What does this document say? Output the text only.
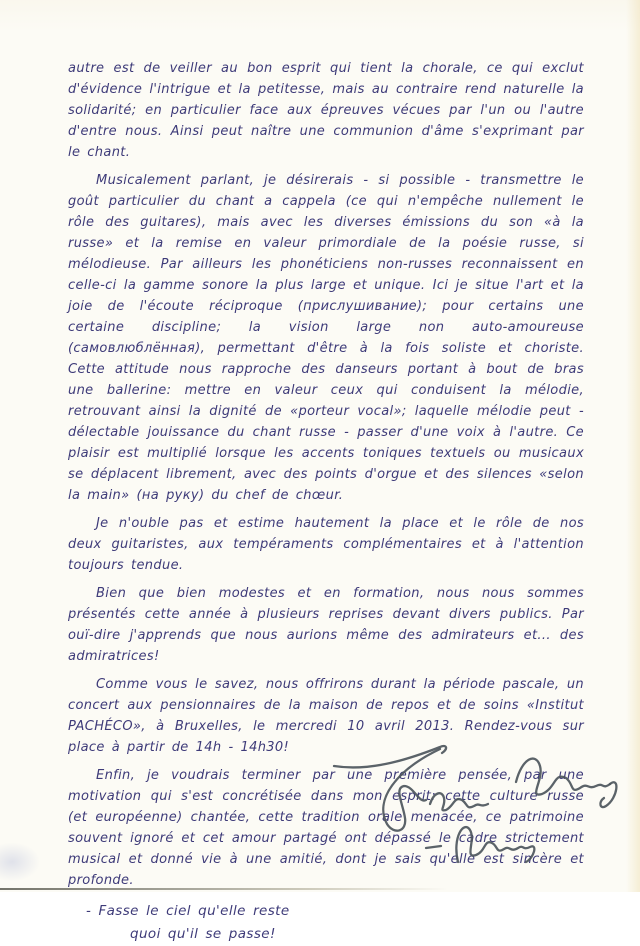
autre est de veiller au bon esprit qui tient la chorale, ce qui exclut d'évidence l'intrigue et la petitesse, mais au contraire rend naturelle la solidarité; en particulier face aux épreuves vécues par l'un ou l'autre d'entre nous. Ainsi peut naître une communion d'âme s'exprimant par le chant.

Musicalement parlant, je désirerais - si possible - transmettre le goût particulier du chant a cappela (ce qui n'empêche nullement le rôle des guitares), mais avec les diverses émissions du son «à la russe» et la remise en valeur primordiale de la poésie russe, si mélodieuse. Par ailleurs les phonéticiens non-russes reconnaissent en celle-ci la gamme sonore la plus large et unique. Ici je situe l'art et la joie de l'écoute réciproque (прислушивание); pour certains une certaine discipline; la vision large non auto-amoureuse (самовлюблённая), permettant d'être à la fois soliste et choriste. Cette attitude nous rapproche des danseurs portant à bout de bras une ballerine: mettre en valeur ceux qui conduisent la mélodie, retrouvant ainsi la dignité de «porteur vocal»; laquelle mélodie peut - délectable jouissance du chant russe - passer d'une voix à l'autre. Ce plaisir est multiplié lorsque les accents toniques textuels ou musicaux se déplacent librement, avec des points d'orgue et des silences «selon la main» (на руку) du chef de chœur.

Je n'ouble pas et estime hautement la place et le rôle de nos deux guitaristes, aux tempéraments complémentaires et à l'attention toujours tendue.

Bien que bien modestes et en formation, nous nous sommes présentés cette année à plusieurs reprises devant divers publics. Par ouï-dire j'apprends que nous aurions même des admirateurs et... des admiratrices!

Comme vous le savez, nous offrirons durant la période pascale, un concert aux pensionnaires de la maison de repos et de soins «Institut PACHÉCO», à Bruxelles, le mercredi 10 avril 2013. Rendez-vous sur place à partir de 14h - 14h30!

Enfin, je voudrais terminer par une première pensée, par une motivation qui s'est concrétisée dans mon esprit: cette culture russe (et européenne) chantée, cette tradition orale menacée, ce patrimoine souvent ignoré et cet amour partagé ont dépassé le cadre strictement musical et donné vie à une amitié, dont je sais qu'elle est sincère et profonde.

- Fasse le ciel qu'elle reste
quoi qu'il se passe!
